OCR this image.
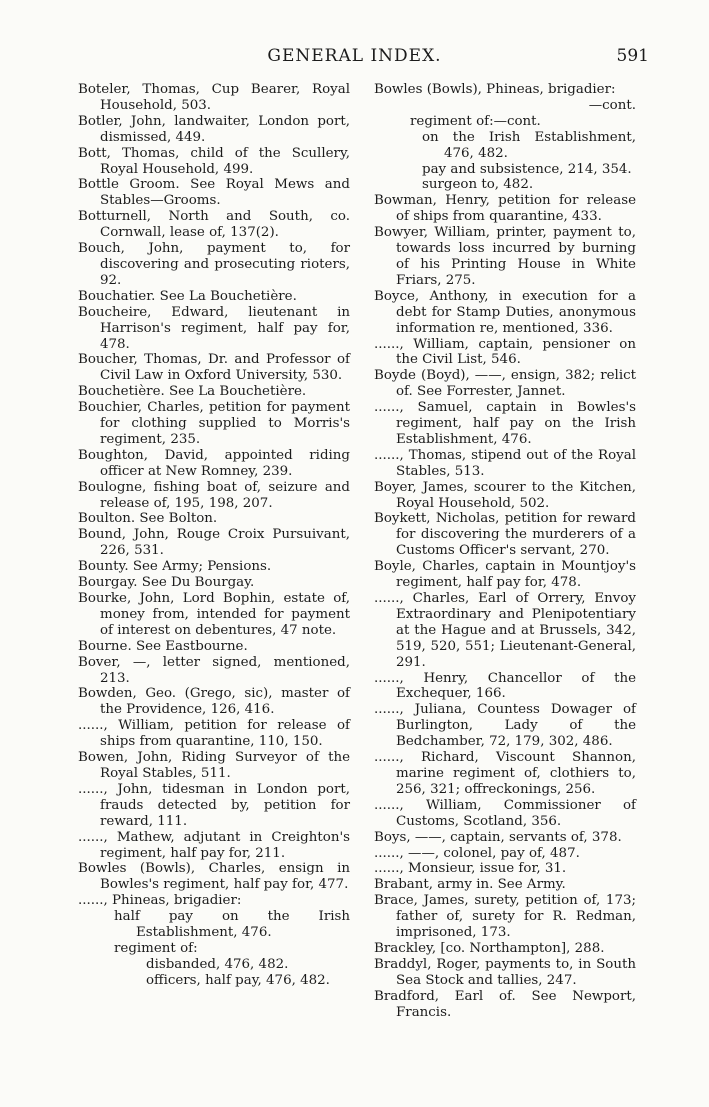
GENERAL INDEX.	591
Boteler, Thomas, Cup Bearer, Royal Household, 503.
Botler, John, landwaiter, London port, dismissed, 449.
Bott, Thomas, child of the Scullery, Royal Household, 499.
Bottle Groom. See Royal Mews and Stables—Grooms.
Botturnell, North and South, co. Cornwall, lease of, 137(2).
Bouch, John, payment to, for discovering and prosecuting rioters, 92.
Bouchatier. See La Bouchetière.
Boucheire, Edward, lieutenant in Harrison's regiment, half pay for, 478.
Boucher, Thomas, Dr. and Professor of Civil Law in Oxford University, 530.
Bouchetière. See La Bouchetière.
Bouchier, Charles, petition for payment for clothing supplied to Morris's regiment, 235.
Boughton, David, appointed riding officer at New Romney, 239.
Boulogne, fishing boat of, seizure and release of, 195, 198, 207.
Boulton. See Bolton.
Bound, John, Rouge Croix Pursuivant, 226, 531.
Bounty. See Army; Pensions.
Bourgay. See Du Bourgay.
Bourke, John, Lord Bophin, estate of, money from, intended for payment of interest on debentures, 47 note.
Bourne. See Eastbourne.
Bover, —, letter signed, mentioned, 213.
Bowden, Geo. (Grego, sic), master of the Providence, 126, 416.
......, William, petition for release of ships from quarantine, 110, 150.
Bowen, John, Riding Surveyor of the Royal Stables, 511.
......, John, tidesman in London port, frauds detected by, petition for reward, 111.
......, Mathew, adjutant in Creighton's regiment, half pay for, 211.
Bowles (Bowls), Charles, ensign in Bowles's regiment, half pay for, 477.
......, Phineas, brigadier:
half pay on the Irish Establishment, 476.
regiment of:
disbanded, 476, 482.
officers, half pay, 476, 482.
Bowles (Bowls), Phineas, brigadier:
—cont.
regiment of:—cont.
on the Irish Establishment, 476, 482.
pay and subsistence, 214, 354.
surgeon to, 482.
Bowman, Henry, petition for release of ships from quarantine, 433.
Bowyer, William, printer, payment to, towards loss incurred by burning of his Printing House in White Friars, 275.
Boyce, Anthony, in execution for a debt for Stamp Duties, anonymous information re, mentioned, 336.
......, William, captain, pensioner on the Civil List, 546.
Boyde (Boyd), ——, ensign, 382; relict of. See Forrester, Jannet.
......, Samuel, captain in Bowles's regiment, half pay on the Irish Establishment, 476.
......, Thomas, stipend out of the Royal Stables, 513.
Boyer, James, scourer to the Kitchen, Royal Household, 502.
Boykett, Nicholas, petition for reward for discovering the murderers of a Customs Officer's servant, 270.
Boyle, Charles, captain in Mountjoy's regiment, half pay for, 478.
......, Charles, Earl of Orrery, Envoy Extraordinary and Plenipotentiary at the Hague and at Brussels, 342, 519, 520, 551; Lieutenant-General, 291.
......, Henry, Chancellor of the Exchequer, 166.
......, Juliana, Countess Dowager of Burlington, Lady of the Bedchamber, 72, 179, 302, 486.
......, Richard, Viscount Shannon, marine regiment of, clothiers to, 256, 321; offreckonings, 256.
......, William, Commissioner of Customs, Scotland, 356.
Boys, ——, captain, servants of, 378.
......, ——, colonel, pay of, 487.
......, Monsieur, issue for, 31.
Brabant, army in. See Army.
Brace, James, surety, petition of, 173; father of, surety for R. Redman, imprisoned, 173.
Brackley, [co. Northampton], 288.
Braddyl, Roger, payments to, in South Sea Stock and tallies, 247.
Bradford, Earl of. See Newport, Francis.
